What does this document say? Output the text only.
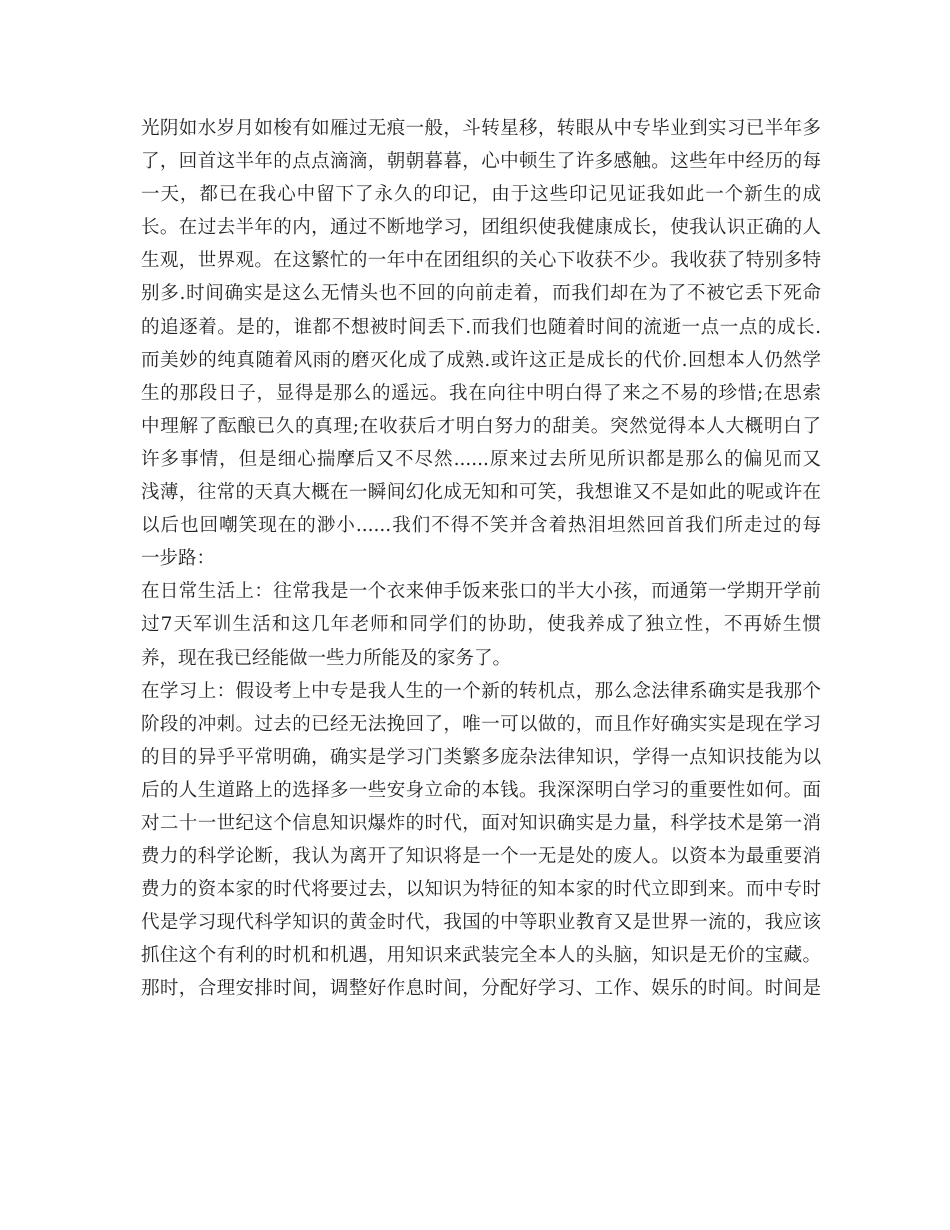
光阴如水岁月如梭有如雁过无痕一般，斗转星移，转眼从中专毕业到实习已半年多
了，回首这半年的点点滴滴，朝朝暮暮，心中顿生了许多感触。这些年中经历的每
一天，都已在我心中留下了永久的印记，由于这些印记见证我如此一个新生的成
长。在过去半年的内，通过不断地学习，团组织使我健康成长，使我认识正确的人
生观，世界观。在这繁忙的一年中在团组织的关心下收获不少。我收获了特别多特
别多.时间确实是这么无情头也不回的向前走着，而我们却在为了不被它丢下死命
的追逐着。是的，谁都不想被时间丢下.而我们也随着时间的流逝一点一点的成长.
而美妙的纯真随着风雨的磨灭化成了成熟.或许这正是成长的代价.回想本人仍然学
生的那段日子，显得是那么的遥远。我在向往中明白得了来之不易的珍惜;在思索
中理解了酝酿已久的真理;在收获后才明白努力的甜美。突然觉得本人大概明白了
许多事情，但是细心揣摩后又不尽然......原来过去所见所识都是那么的偏见而又
浅薄，往常的天真大概在一瞬间幻化成无知和可笑，我想谁又不是如此的呢或许在
以后也回嘲笑现在的渺小......我们不得不笑并含着热泪坦然回首我们所走过的每
一步路：
在日常生活上：往常我是一个衣来伸手饭来张口的半大小孩，而通第一学期开学前
过7天军训生活和这几年老师和同学们的协助，使我养成了独立性，不再娇生惯
养，现在我已经能做一些力所能及的家务了。
在学习上：假设考上中专是我人生的一个新的转机点，那么念法律系确实是我那个
阶段的冲刺。过去的已经无法挽回了，唯一可以做的，而且作好确实实是现在学习
的目的异乎平常明确，确实是学习门类繁多庞杂法律知识，学得一点知识技能为以
后的人生道路上的选择多一些安身立命的本钱。我深深明白学习的重要性如何。面
对二十一世纪这个信息知识爆炸的时代，面对知识确实是力量，科学技术是第一消
费力的科学论断，我认为离开了知识将是一个一无是处的废人。以资本为最重要消
费力的资本家的时代将要过去，以知识为特征的知本家的时代立即到来。而中专时
代是学习现代科学知识的黄金时代，我国的中等职业教育又是世界一流的，我应该
抓住这个有利的时机和机遇，用知识来武装完全本人的头脑，知识是无价的宝藏。
那时，合理安排时间，调整好作息时间，分配好学习、工作、娱乐的时间。时间是
